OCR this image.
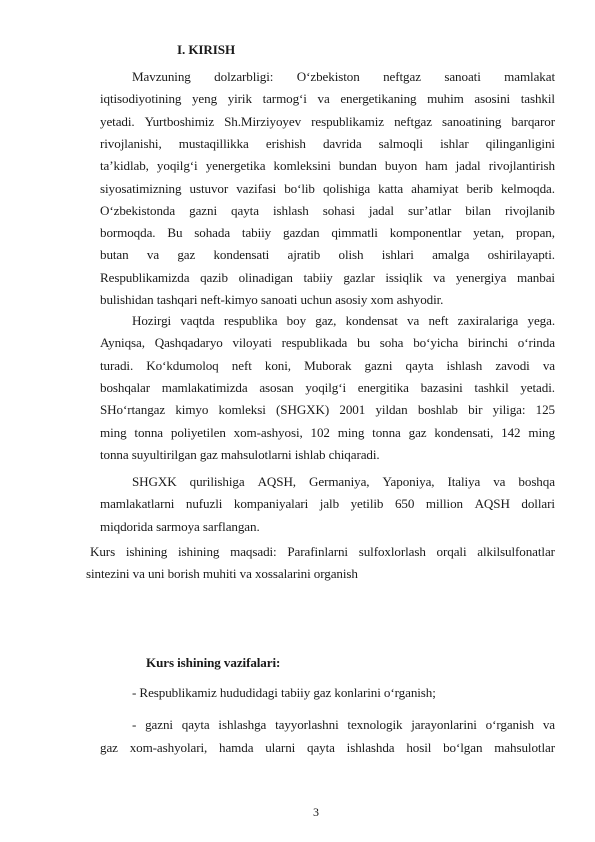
I. KIRISH
Mavzuning dolzarbligi: O‘zbekiston neftgaz sanoati mamlakat
iqtisodiyotining yeng yirik tarmog‘i va energetikaning muhim asosini tashkil
yetadi. Yurtboshimiz Sh.Mirziyoyev respublikamiz neftgaz sanoatining barqaror
rivojlanishi, mustaqillikka erishish davrida salmoqli ishlar qilinganligini
ta’kidlab, yoqilg‘i yenergetika komleksini bundan buyon ham jadal rivojlantirish
siyosatimizning ustuvor vazifasi bo‘lib qolishiga katta ahamiyat berib kelmoqda.
O‘zbekistonda gazni qayta ishlash sohasi jadal sur’atlar bilan rivojlanib
bormoqda. Bu sohada tabiiy gazdan qimmatli komponentlar yetan, propan,
butan va gaz kondensati ajratib olish ishlari amalga oshirilayapti.
Respublikamizda qazib olinadigan tabiiy gazlar issiqlik va yenergiya manbai
bulishidan tashqari neft-kimyo sanoati uchun asosiy xom ashyodir.
Hozirgi vaqtda respublika boy gaz, kondensat va neft zaxiralariga yega.
Ayniqsa, Qashqadaryo viloyati respublikada bu soha bo‘yicha birinchi o‘rinda
turadi. Ko‘kdumoloq neft koni, Muborak gazni qayta ishlash zavodi va
boshqalar mamlakatimizda asosan yoqilg‘i energitika bazasini tashkil yetadi.
SHo‘rtangaz kimyo komleksi (SHGXK) 2001 yildan boshlab bir yiliga: 125
ming tonna poliyetilen xom-ashyosi, 102 ming tonna gaz kondensati, 142 ming
tonna suyultirilgan gaz mahsulotlarni ishlab chiqaradi.
SHGXK qurilishiga AQSH, Germaniya, Yaponiya, Italiya va boshqa
mamlakatlarni nufuzli kompaniyalari jalb yetilib 650 million AQSH dollari
miqdorida sarmoya sarflangan.
Kurs ishining ishining maqsadi: Parafinlarni sulfoxlorlash orqali alkilsulfonatlar
sintezini va uni borish muhiti va xossalarini organish
Kurs ishining vazifalari:
- Respublikamiz hududidagi tabiiy gaz konlarini o‘rganish;
- gazni qayta ishlashga tayyorlashni texnologik jarayonlarini o‘rganish va
gaz xom-ashyolari, hamda ularni qayta ishlashda hosil bo‘lgan mahsulotlar
3
